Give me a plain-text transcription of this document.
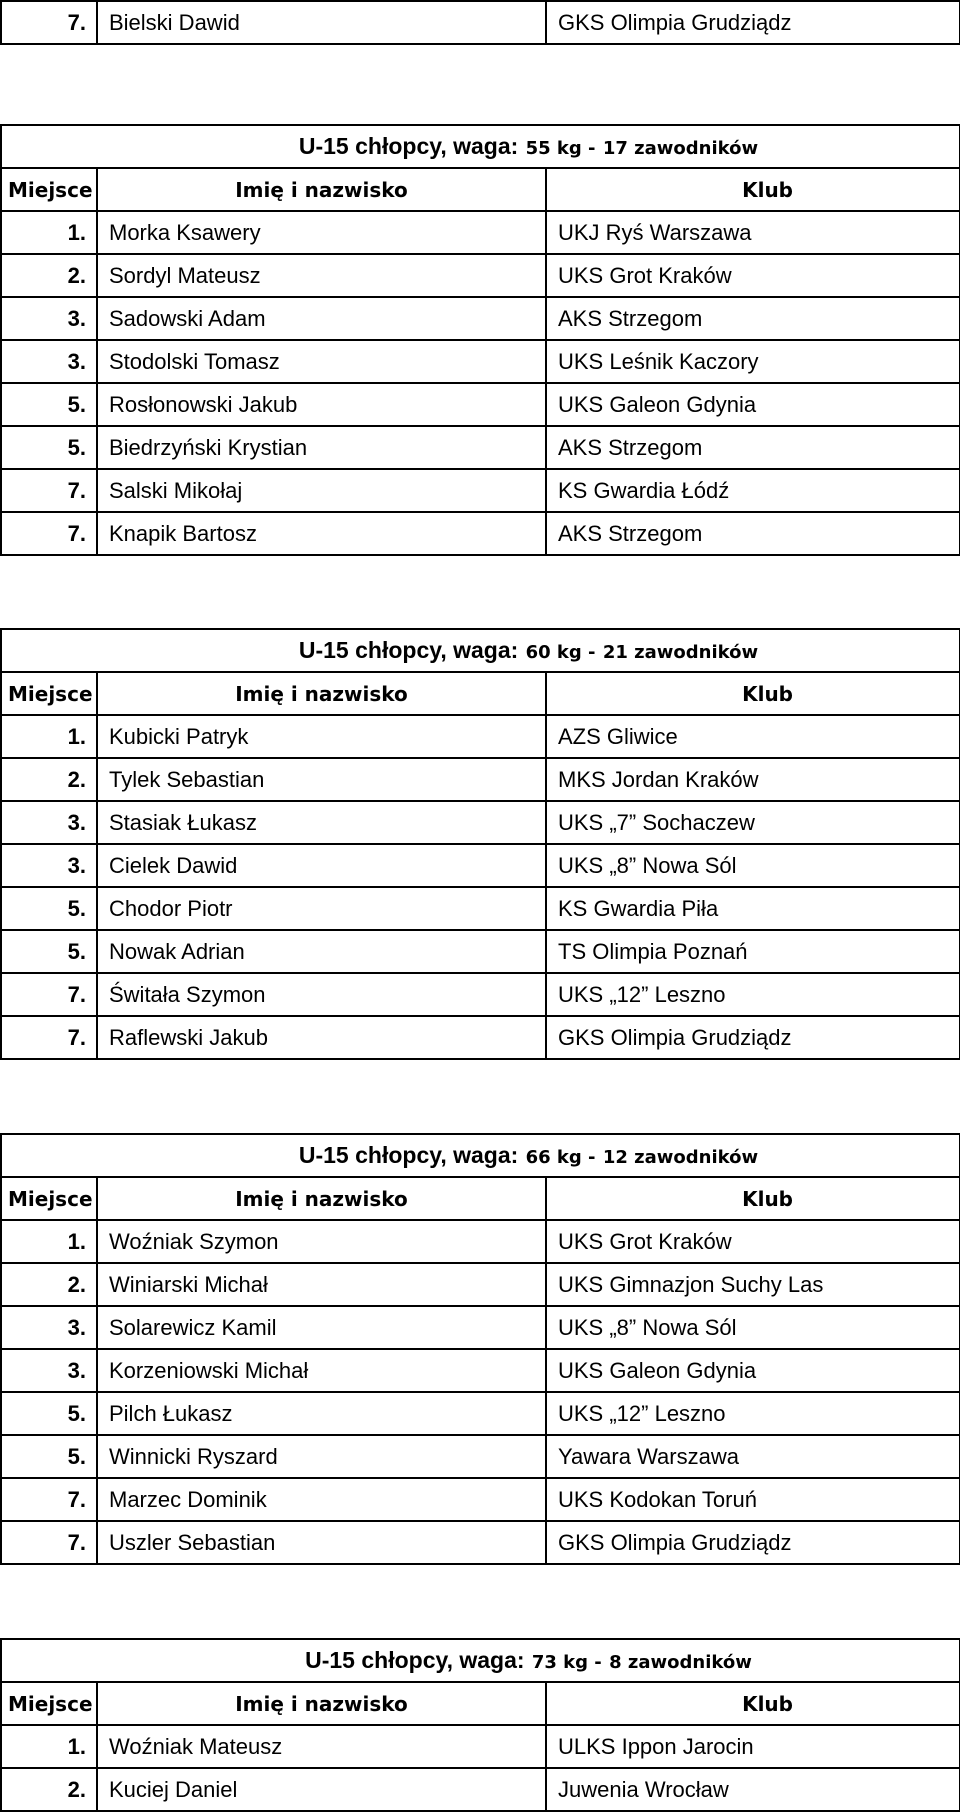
7.	Bielski Dawid	GKS Olimpia Grudziądz
U-15 chłopcy, waga: 55 kg - 17 zawodników		
Miejsce	Imię i nazwisko	Klub
1.	Morka Ksawery	UKJ Ryś Warszawa
2.	Sordyl Mateusz	UKS Grot Kraków
3.	Sadowski Adam	AKS Strzegom
3.	Stodolski Tomasz	UKS Leśnik Kaczory
5.	Rosłonowski Jakub	UKS Galeon Gdynia
5.	Biedrzyński Krystian	AKS Strzegom
7.	Salski Mikołaj	KS Gwardia Łódź
7.	Knapik Bartosz	AKS Strzegom
U-15 chłopcy, waga: 60 kg - 21 zawodników		
Miejsce	Imię i nazwisko	Klub
1.	Kubicki Patryk	AZS Gliwice
2.	Tylek Sebastian	MKS Jordan Kraków
3.	Stasiak Łukasz	UKS „7” Sochaczew
3.	Cielek Dawid	UKS „8” Nowa Sól
5.	Chodor Piotr	KS Gwardia Piła
5.	Nowak Adrian	TS Olimpia Poznań
7.	Świtała Szymon	UKS „12” Leszno
7.	Raflewski Jakub	GKS Olimpia Grudziądz
U-15 chłopcy, waga: 66 kg - 12 zawodników		
Miejsce	Imię i nazwisko	Klub
1.	Woźniak Szymon	UKS Grot Kraków
2.	Winiarski Michał	UKS Gimnazjon Suchy Las
3.	Solarewicz Kamil	UKS „8” Nowa Sól
3.	Korzeniowski Michał	UKS Galeon Gdynia
5.	Pilch Łukasz	UKS „12” Leszno
5.	Winnicki Ryszard	Yawara Warszawa
7.	Marzec Dominik	UKS Kodokan Toruń
7.	Uszler Sebastian	GKS Olimpia Grudziądz
U-15 chłopcy, waga: 73 kg - 8 zawodników		
Miejsce	Imię i nazwisko	Klub
1.	Woźniak Mateusz	ULKS Ippon Jarocin
2.	Kuciej Daniel	Juwenia Wrocław
